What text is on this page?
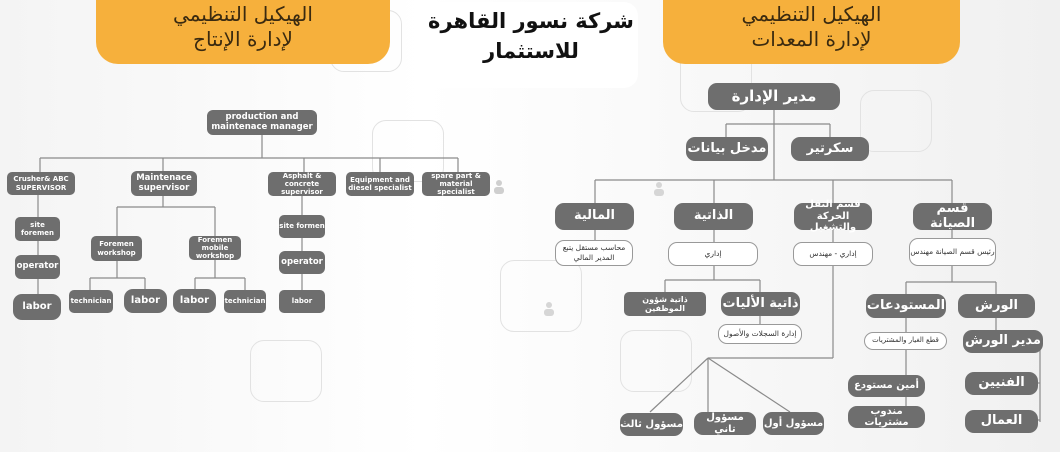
الهيكيل التنظيمي
لإدارة الإنتاج
شركة نسور القاهرة للاستثمار
الهيكيل التنظيمي
لإدارة المعدات
production and maintenace manager
Crusher& ABC SUPERVISOR
Maintenace supervisor
Asphalt & concrete supervisor
Equipment and diesel specialist
spare part & material specialist
site foremen
operator
labor
Foremen workshop
Foremen mobile workshop
technician	labor	labor	technician
site formen
operator
labor
مدير الإدارة
مدخل بيانات	سكرتير
المالية
محاسب مستقل يتبع المدير المالي
الذاتية
إداري
قسم النقل الحركة والتشغيل
إداري - مهندس
قسم الصيانة
رئيس قسم الصيانة مهندس
ذاتية شؤون الموظفين	ذاتية الأليات
إدارة السجلات والأصول
مسؤول أول
مسؤول تاني
مسؤول ثالث
المستودعات
قطع الغيار والمشتريات
أمين مستودع
مندوب مشتريات
الورش
مدير الورش
الفنيين
العمال
